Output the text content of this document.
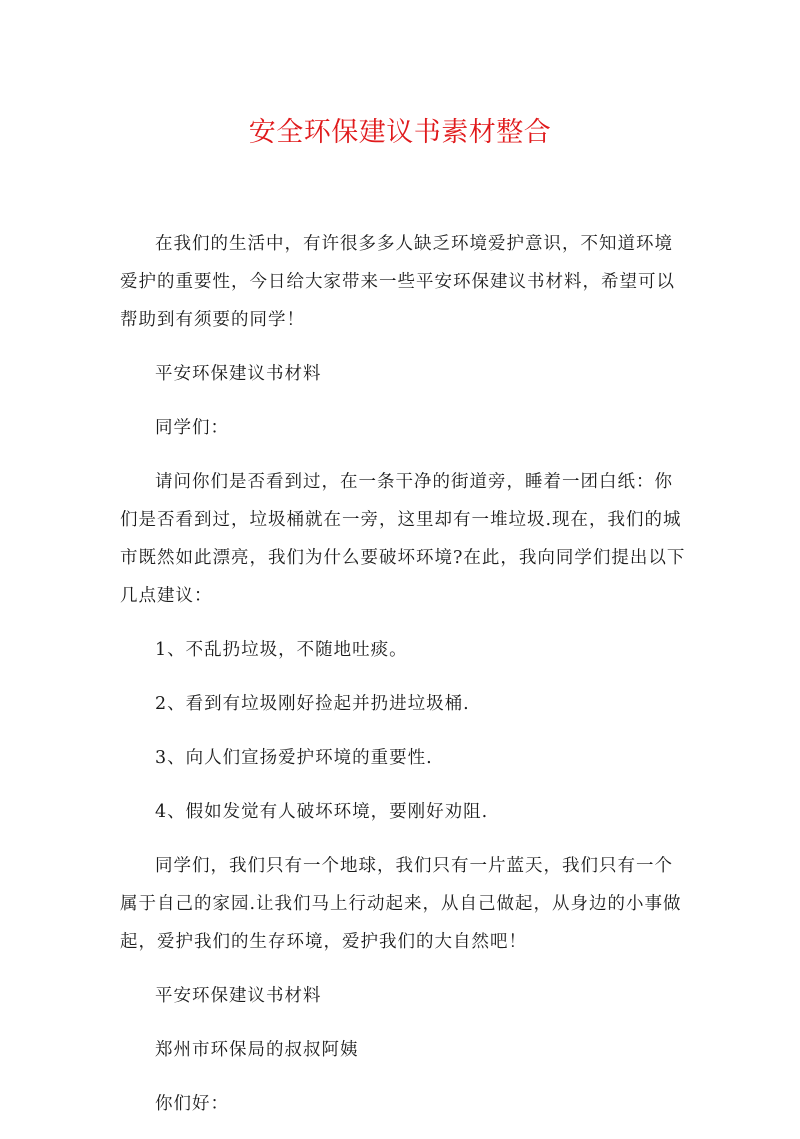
安全环保建议书素材整合

在我们的生活中，有许很多多人缺乏环境爱护意识，不知道环境爱护的重要性，今日给大家带来一些平安环保建议书材料，希望可以帮助到有须要的同学！

平安环保建议书材料

同学们：

请问你们是否看到过，在一条干净的街道旁，睡着一团白纸：你们是否看到过，垃圾桶就在一旁，这里却有一堆垃圾.现在，我们的城市既然如此漂亮，我们为什么要破坏环境?在此，我向同学们提出以下几点建议：

1、不乱扔垃圾，不随地吐痰。

2、看到有垃圾刚好捡起并扔进垃圾桶.

3、向人们宣扬爱护环境的重要性.

4、假如发觉有人破坏环境，要刚好劝阻.

同学们，我们只有一个地球，我们只有一片蓝天，我们只有一个属于自己的家园.让我们马上行动起来，从自己做起，从身边的小事做起，爱护我们的生存环境，爱护我们的大自然吧！

平安环保建议书材料

郑州市环保局的叔叔阿姨

你们好：
